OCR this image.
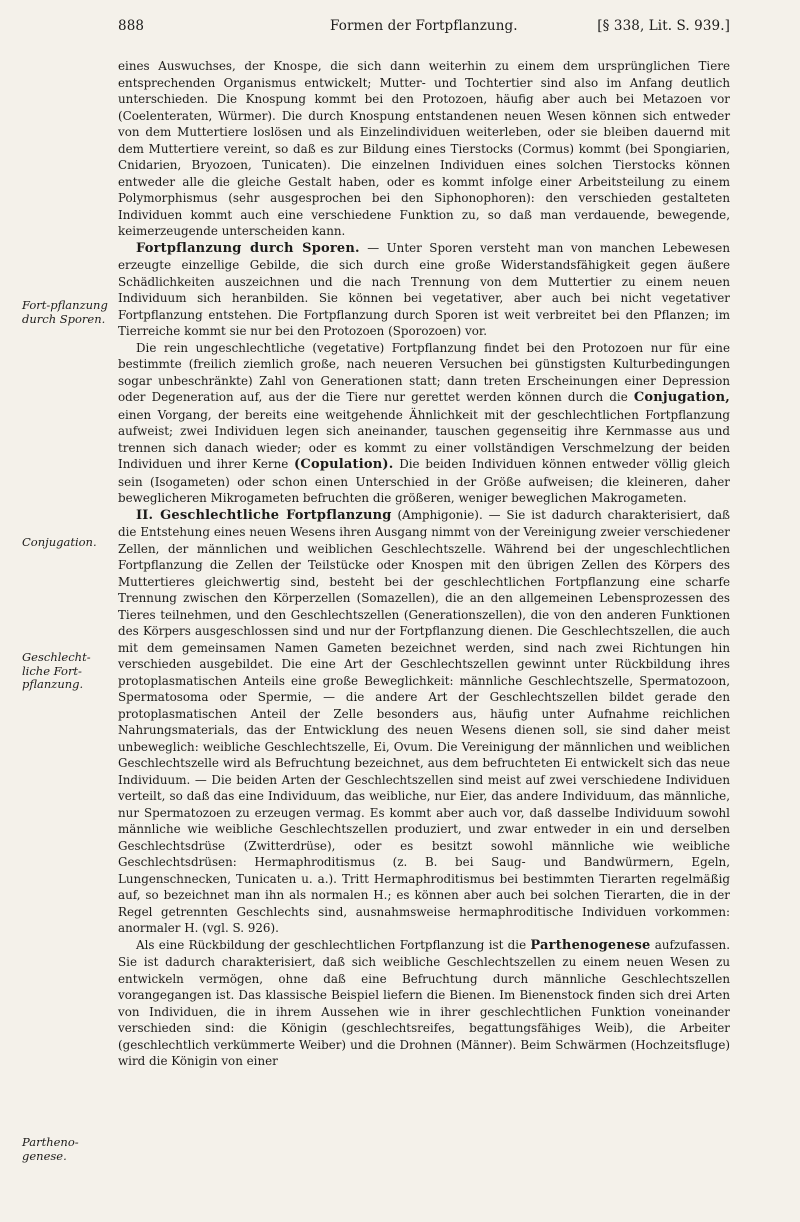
888	Formen der Fortpflanzung.	[§ 338, Lit. S. 939.]
Fort-pflanzung durch Sporen.
Conjugation.
Geschlecht-liche Fort-pflanzung.
Partheno-genese.

eines Auswuchses, der Knospe, die sich dann weiterhin zu einem dem ursprünglichen Tiere entsprechenden Organismus entwickelt; Mutter- und Tochtertier sind also im Anfang deutlich unterschieden. Die Knospung kommt bei den Protozoen, häufig aber auch bei Metazoen vor (Coelenteraten, Würmer). Die durch Knospung entstandenen neuen Wesen können sich entweder von dem Muttertiere loslösen und als Einzelindividuen weiterleben, oder sie bleiben dauernd mit dem Muttertiere vereint, so daß es zur Bildung eines Tierstocks (Cormus) kommt (bei Spongiarien, Cnidarien, Bryozoen, Tunicaten). Die einzelnen Individuen eines solchen Tierstocks können entweder alle die gleiche Gestalt haben, oder es kommt infolge einer Arbeitsteilung zu einem Polymorphismus (sehr ausgesprochen bei den Siphonophoren): den verschieden gestalteten Individuen kommt auch eine verschiedene Funktion zu, so daß man verdauende, bewegende, keimerzeugende unterscheiden kann.

Fortpflanzung durch Sporen. — Unter Sporen versteht man von manchen Lebewesen erzeugte einzellige Gebilde, die sich durch eine große Widerstandsfähigkeit gegen äußere Schädlichkeiten auszeichnen und die nach Trennung von dem Muttertier zu einem neuen Individuum sich heranbilden. Sie können bei vegetativer, aber auch bei nicht vegetativer Fortpflanzung entstehen. Die Fortpflanzung durch Sporen ist weit verbreitet bei den Pflanzen; im Tierreiche kommt sie nur bei den Protozoen (Sporozoen) vor.

Die rein ungeschlechtliche (vegetative) Fortpflanzung findet bei den Protozoen nur für eine bestimmte (freilich ziemlich große, nach neueren Versuchen bei günstigsten Kulturbedingungen sogar unbeschränkte) Zahl von Generationen statt; dann treten Erscheinungen einer Depression oder Degeneration auf, aus der die Tiere nur gerettet werden können durch die Conjugation, einen Vorgang, der bereits eine weitgehende Ähnlichkeit mit der geschlechtlichen Fortpflanzung aufweist; zwei Individuen legen sich aneinander, tauschen gegenseitig ihre Kernmasse aus und trennen sich danach wieder; oder es kommt zu einer vollständigen Verschmelzung der beiden Individuen und ihrer Kerne (Copulation). Die beiden Individuen können entweder völlig gleich sein (Isogameten) oder schon einen Unterschied in der Größe aufweisen; die kleineren, daher beweglicheren Mikrogameten befruchten die größeren, weniger beweglichen Makrogameten.

II. Geschlechtliche Fortpflanzung (Amphigonie). — Sie ist dadurch charakterisiert, daß die Entstehung eines neuen Wesens ihren Ausgang nimmt von der Vereinigung zweier verschiedener Zellen, der männlichen und weiblichen Geschlechtszelle. Während bei der ungeschlechtlichen Fortpflanzung die Zellen der Teilstücke oder Knospen mit den übrigen Zellen des Körpers des Muttertieres gleichwertig sind, besteht bei der geschlechtlichen Fortpflanzung eine scharfe Trennung zwischen den Körperzellen (Somazellen), die an den allgemeinen Lebensprozessen des Tieres teilnehmen, und den Geschlechtszellen (Generationszellen), die von den anderen Funktionen des Körpers ausgeschlossen sind und nur der Fortpflanzung dienen. Die Geschlechtszellen, die auch mit dem gemeinsamen Namen Gameten bezeichnet werden, sind nach zwei Richtungen hin verschieden ausgebildet. Die eine Art der Geschlechtszellen gewinnt unter Rückbildung ihres protoplasmatischen Anteils eine große Beweglichkeit: männliche Geschlechtszelle, Spermatozoon, Spermatosoma oder Spermie, — die andere Art der Geschlechtszellen bildet gerade den protoplasmatischen Anteil der Zelle besonders aus, häufig unter Aufnahme reichlichen Nahrungsmaterials, das der Entwicklung des neuen Wesens dienen soll, sie sind daher meist unbeweglich: weibliche Geschlechtszelle, Ei, Ovum. Die Vereinigung der männlichen und weiblichen Geschlechtszelle wird als Befruchtung bezeichnet, aus dem befruchteten Ei entwickelt sich das neue Individuum. — Die beiden Arten der Geschlechtszellen sind meist auf zwei verschiedene Individuen verteilt, so daß das eine Individuum, das weibliche, nur Eier, das andere Individuum, das männliche, nur Spermatozoen zu erzeugen vermag. Es kommt aber auch vor, daß dasselbe Individuum sowohl männliche wie weibliche Geschlechtszellen produziert, und zwar entweder in ein und derselben Geschlechtsdrüse (Zwitterdrüse), oder es besitzt sowohl männliche wie weibliche Geschlechtsdrüsen: Hermaphroditismus (z. B. bei Saug- und Bandwürmern, Egeln, Lungenschnecken, Tunicaten u. a.). Tritt Hermaphroditismus bei bestimmten Tierarten regelmäßig auf, so bezeichnet man ihn als normalen H.; es können aber auch bei solchen Tierarten, die in der Regel getrennten Geschlechts sind, ausnahmsweise hermaphroditische Individuen vorkommen: anormaler H. (vgl. S. 926).

Als eine Rückbildung der geschlechtlichen Fortpflanzung ist die Parthenogenese aufzufassen. Sie ist dadurch charakterisiert, daß sich weibliche Geschlechtszellen zu einem neuen Wesen zu entwickeln vermögen, ohne daß eine Befruchtung durch männliche Geschlechtszellen vorangegangen ist. Das klassische Beispiel liefern die Bienen. Im Bienenstock finden sich drei Arten von Individuen, die in ihrem Aussehen wie in ihrer geschlechtlichen Funktion voneinander verschieden sind: die Königin (geschlechtsreifes, begattungsfähiges Weib), die Arbeiter (geschlechtlich verkümmerte Weiber) und die Drohnen (Männer). Beim Schwärmen (Hochzeitsfluge) wird die Königin von einer
